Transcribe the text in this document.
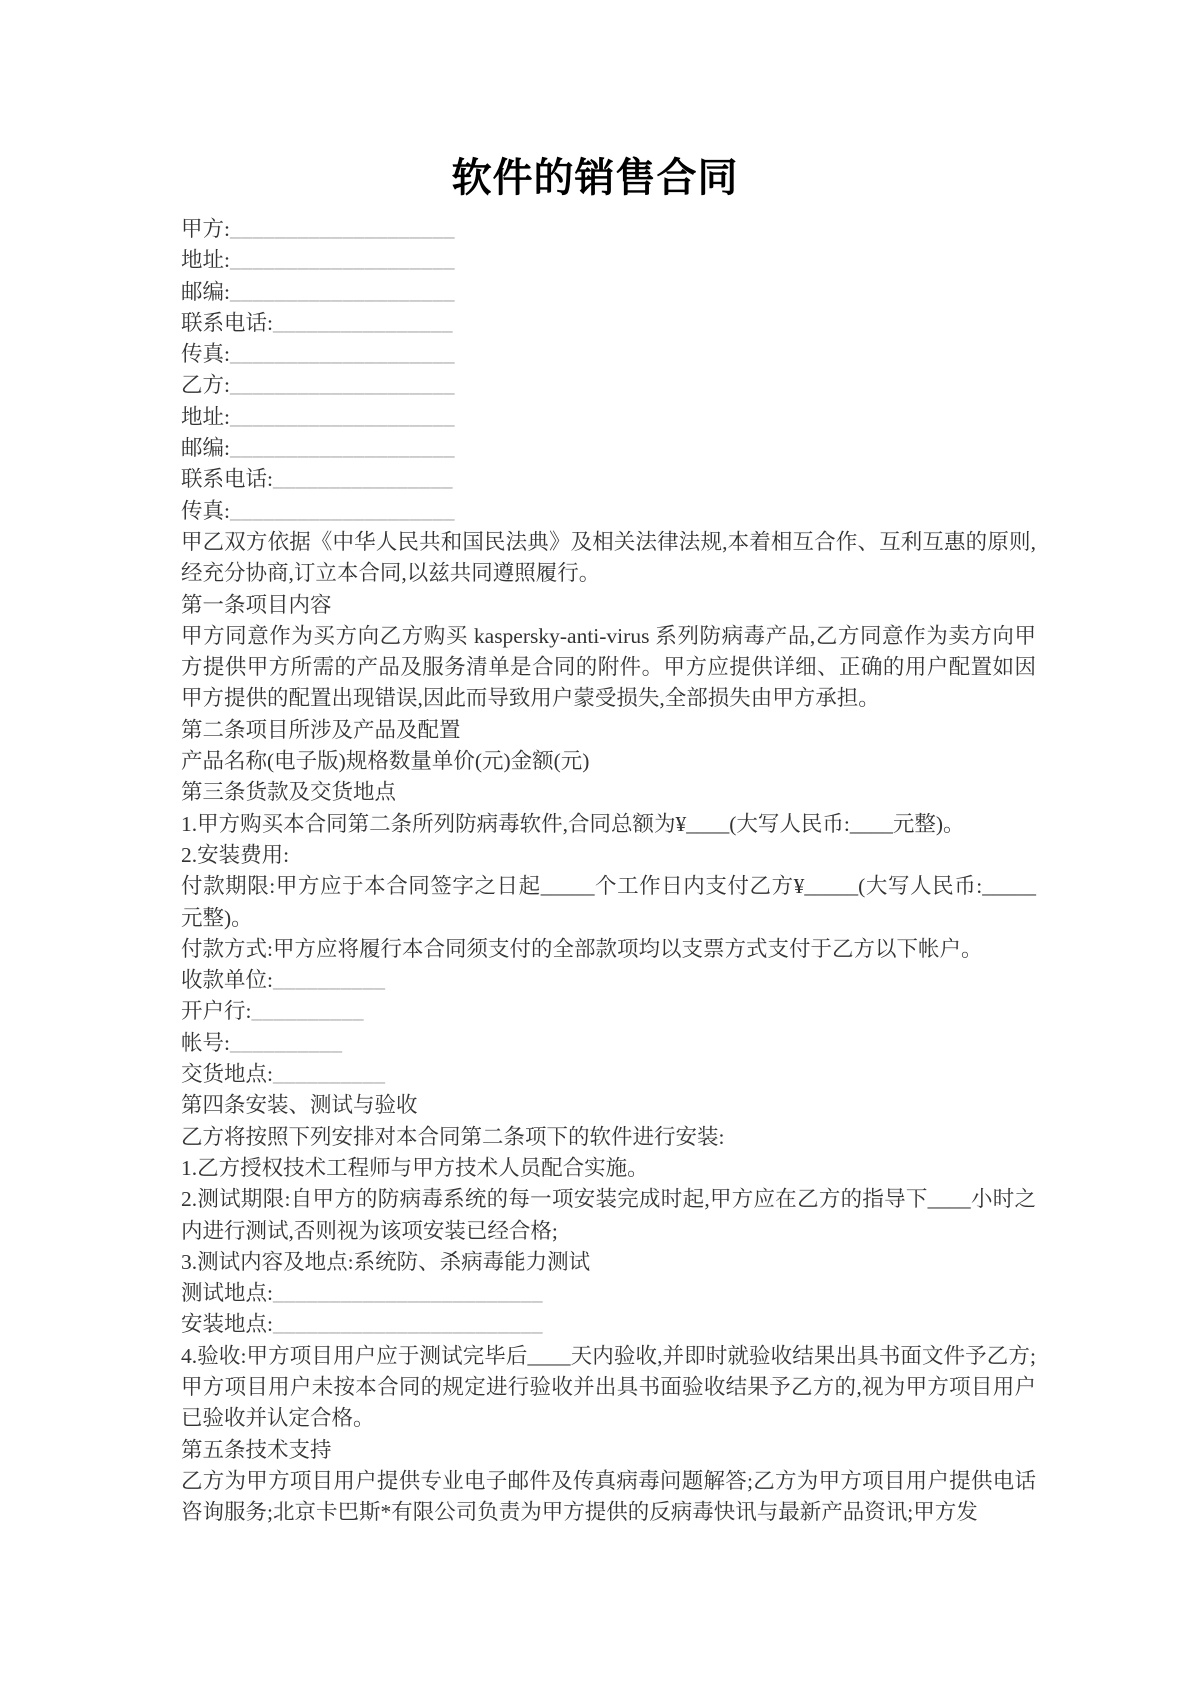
软件的销售合同
甲方:____________________
地址:____________________
邮编:____________________
联系电话:________________
传真:____________________
乙方:____________________
地址:____________________
邮编:____________________
联系电话:________________
传真:____________________
甲乙双方依据《中华人民共和国民法典》及相关法律法规,本着相互合作、互利互惠的原则,经充分协商,订立本合同,以兹共同遵照履行。
第一条项目内容
甲方同意作为买方向乙方购买 kaspersky-anti-virus 系列防病毒产品,乙方同意作为卖方向甲方提供甲方所需的产品及服务清单是合同的附件。甲方应提供详细、正确的用户配置如因甲方提供的配置出现错误,因此而导致用户蒙受损失,全部损失由甲方承担。
第二条项目所涉及产品及配置
产品名称(电子版)规格数量单价(元)金额(元)
第三条货款及交货地点
1.甲方购买本合同第二条所列防病毒软件,合同总额为¥____(大写人民币:____元整)。
2.安装费用:
付款期限:甲方应于本合同签字之日起_____个工作日内支付乙方¥_____(大写人民币:_____元整)。
付款方式:甲方应将履行本合同须支付的全部款项均以支票方式支付于乙方以下帐户。
收款单位:__________
开户行:__________
帐号:__________
交货地点:__________
第四条安装、测试与验收
乙方将按照下列安排对本合同第二条项下的软件进行安装:
1.乙方授权技术工程师与甲方技术人员配合实施。
2.测试期限:自甲方的防病毒系统的每一项安装完成时起,甲方应在乙方的指导下____小时之内进行测试,否则视为该项安装已经合格;
3.测试内容及地点:系统防、杀病毒能力测试
测试地点:________________________
安装地点:________________________
4.验收:甲方项目用户应于测试完毕后____天内验收,并即时就验收结果出具书面文件予乙方;甲方项目用户未按本合同的规定进行验收并出具书面验收结果予乙方的,视为甲方项目用户已验收并认定合格。
第五条技术支持
乙方为甲方项目用户提供专业电子邮件及传真病毒问题解答;乙方为甲方项目用户提供电话咨询服务;北京卡巴斯*有限公司负责为甲方提供的反病毒快讯与最新产品资讯;甲方发
